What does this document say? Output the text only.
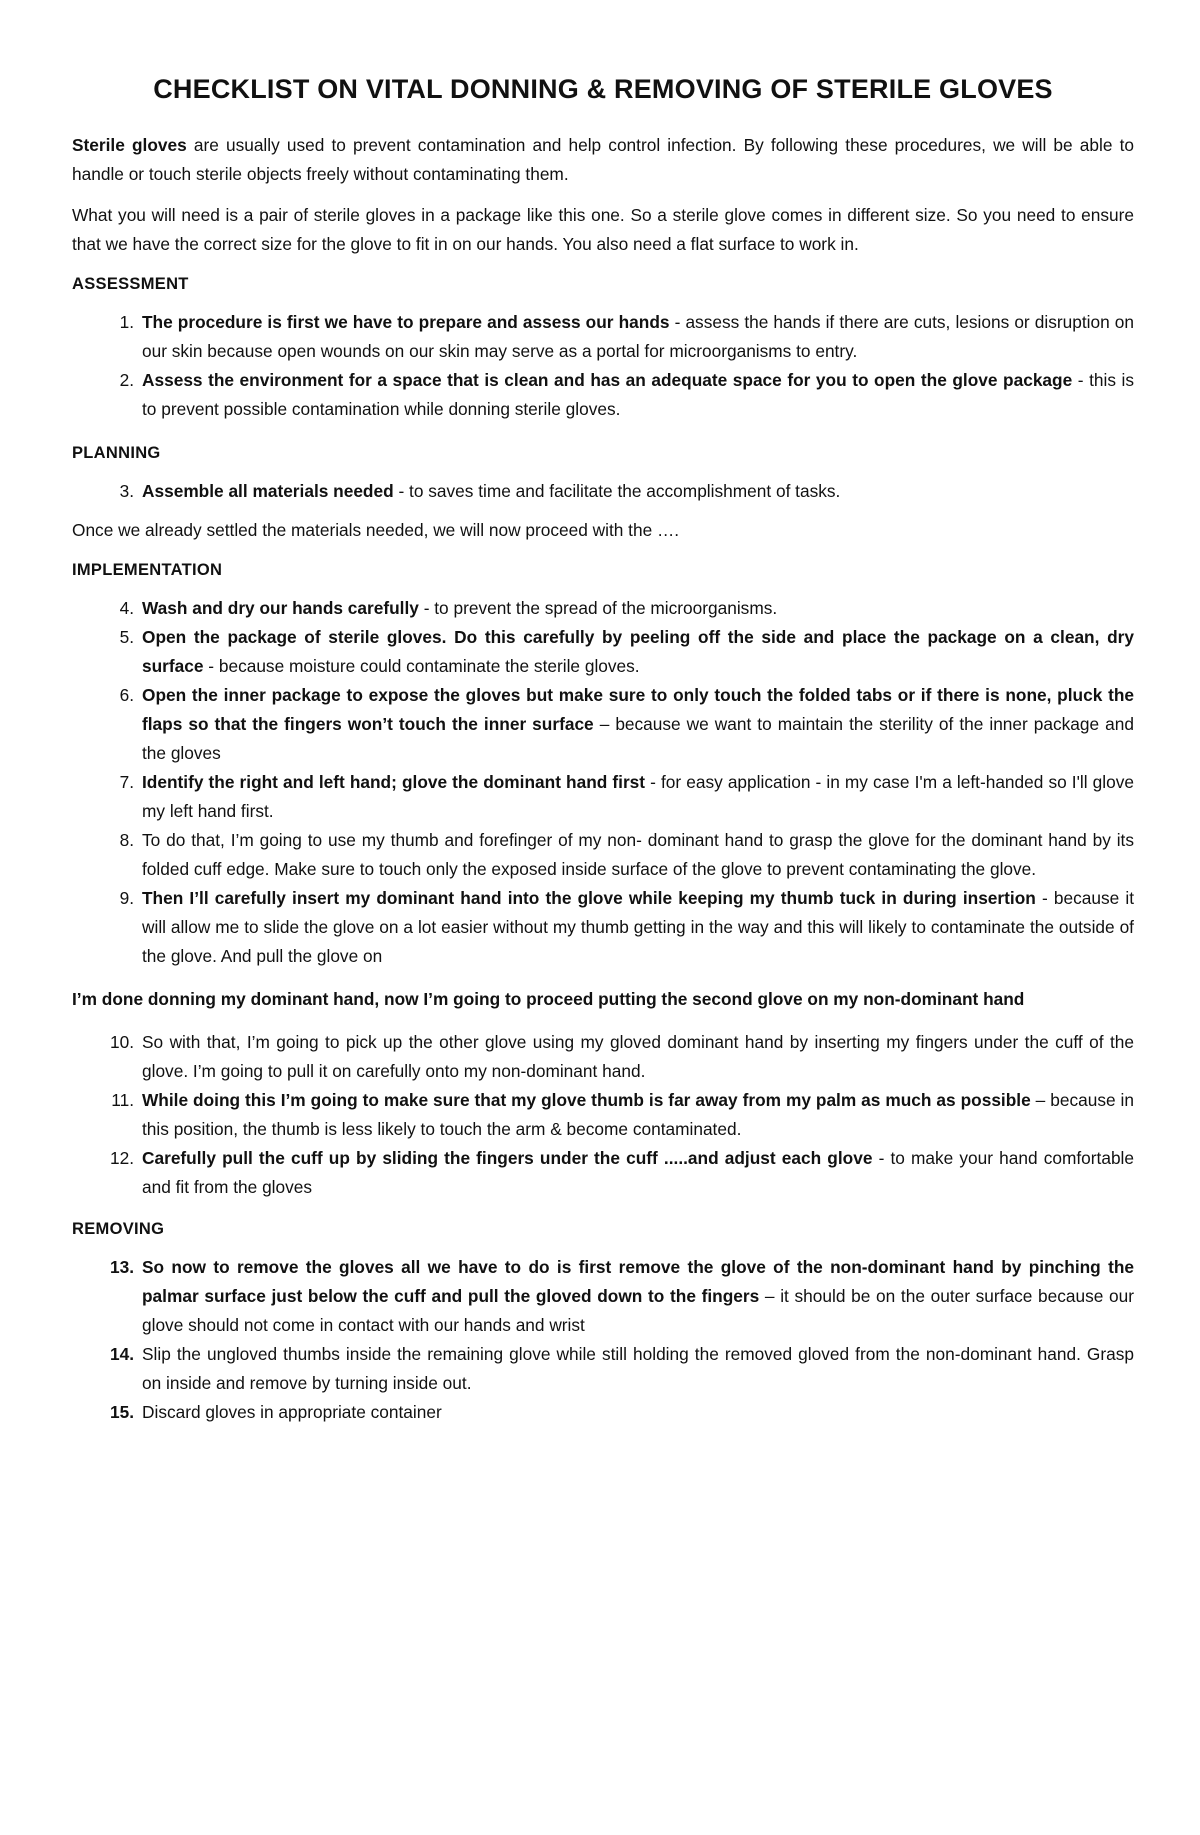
CHECKLIST ON VITAL DONNING & REMOVING OF STERILE GLOVES

Sterile gloves are usually used to prevent contamination and help control infection. By following these procedures, we will be able to handle or touch sterile objects freely without contaminating them.

What you will need is a pair of sterile gloves in a package like this one. So a sterile glove comes in different size. So you need to ensure that we have the correct size for the glove to fit in on our hands. You also need a flat surface to work in.

ASSESSMENT
1. The procedure is first we have to prepare and assess our hands - assess the hands if there are cuts, lesions or disruption on our skin because open wounds on our skin may serve as a portal for microorganisms to entry.
2. Assess the environment for a space that is clean and has an adequate space for you to open the glove package - this is to prevent possible contamination while donning sterile gloves.
PLANNING
3. Assemble all materials needed - to saves time and facilitate the accomplishment of tasks.

Once we already settled the materials needed, we will now proceed with the ….

IMPLEMENTATION
4. Wash and dry our hands carefully - to prevent the spread of the microorganisms.
5. Open the package of sterile gloves. Do this carefully by peeling off the side and place the package on a clean, dry surface - because moisture could contaminate the sterile gloves.
6. Open the inner package to expose the gloves but make sure to only touch the folded tabs or if there is none, pluck the flaps so that the fingers won’t touch the inner surface – because we want to maintain the sterility of the inner package and the gloves
7. Identify the right and left hand; glove the dominant hand first - for easy application - in my case I'm a left-handed so I'll glove my left hand first.
8. To do that, I’m going to use my thumb and forefinger of my non- dominant hand to grasp the glove for the dominant hand by its folded cuff edge. Make sure to touch only the exposed inside surface of the glove to prevent contaminating the glove.
9. Then I’ll carefully insert my dominant hand into the glove while keeping my thumb tuck in during insertion - because it will allow me to slide the glove on a lot easier without my thumb getting in the way and this will likely to contaminate the outside of the glove. And pull the glove on

I’m done donning my dominant hand, now I’m going to proceed putting the second glove on my non-dominant hand

10. So with that, I’m going to pick up the other glove using my gloved dominant hand by inserting my fingers under the cuff of the glove. I’m going to pull it on carefully onto my non-dominant hand.
11. While doing this I’m going to make sure that my glove thumb is far away from my palm as much as possible – because in this position, the thumb is less likely to touch the arm & become contaminated.
12. Carefully pull the cuff up by sliding the fingers under the cuff .....and adjust each glove - to make your hand comfortable and fit from the gloves
REMOVING
13. So now to remove the gloves all we have to do is first remove the glove of the non-dominant hand by pinching the palmar surface just below the cuff and pull the gloved down to the fingers – it should be on the outer surface because our glove should not come in contact with our hands and wrist
14. Slip the ungloved thumbs inside the remaining glove while still holding the removed gloved from the non-dominant hand. Grasp on inside and remove by turning inside out.
15. Discard gloves in appropriate container
